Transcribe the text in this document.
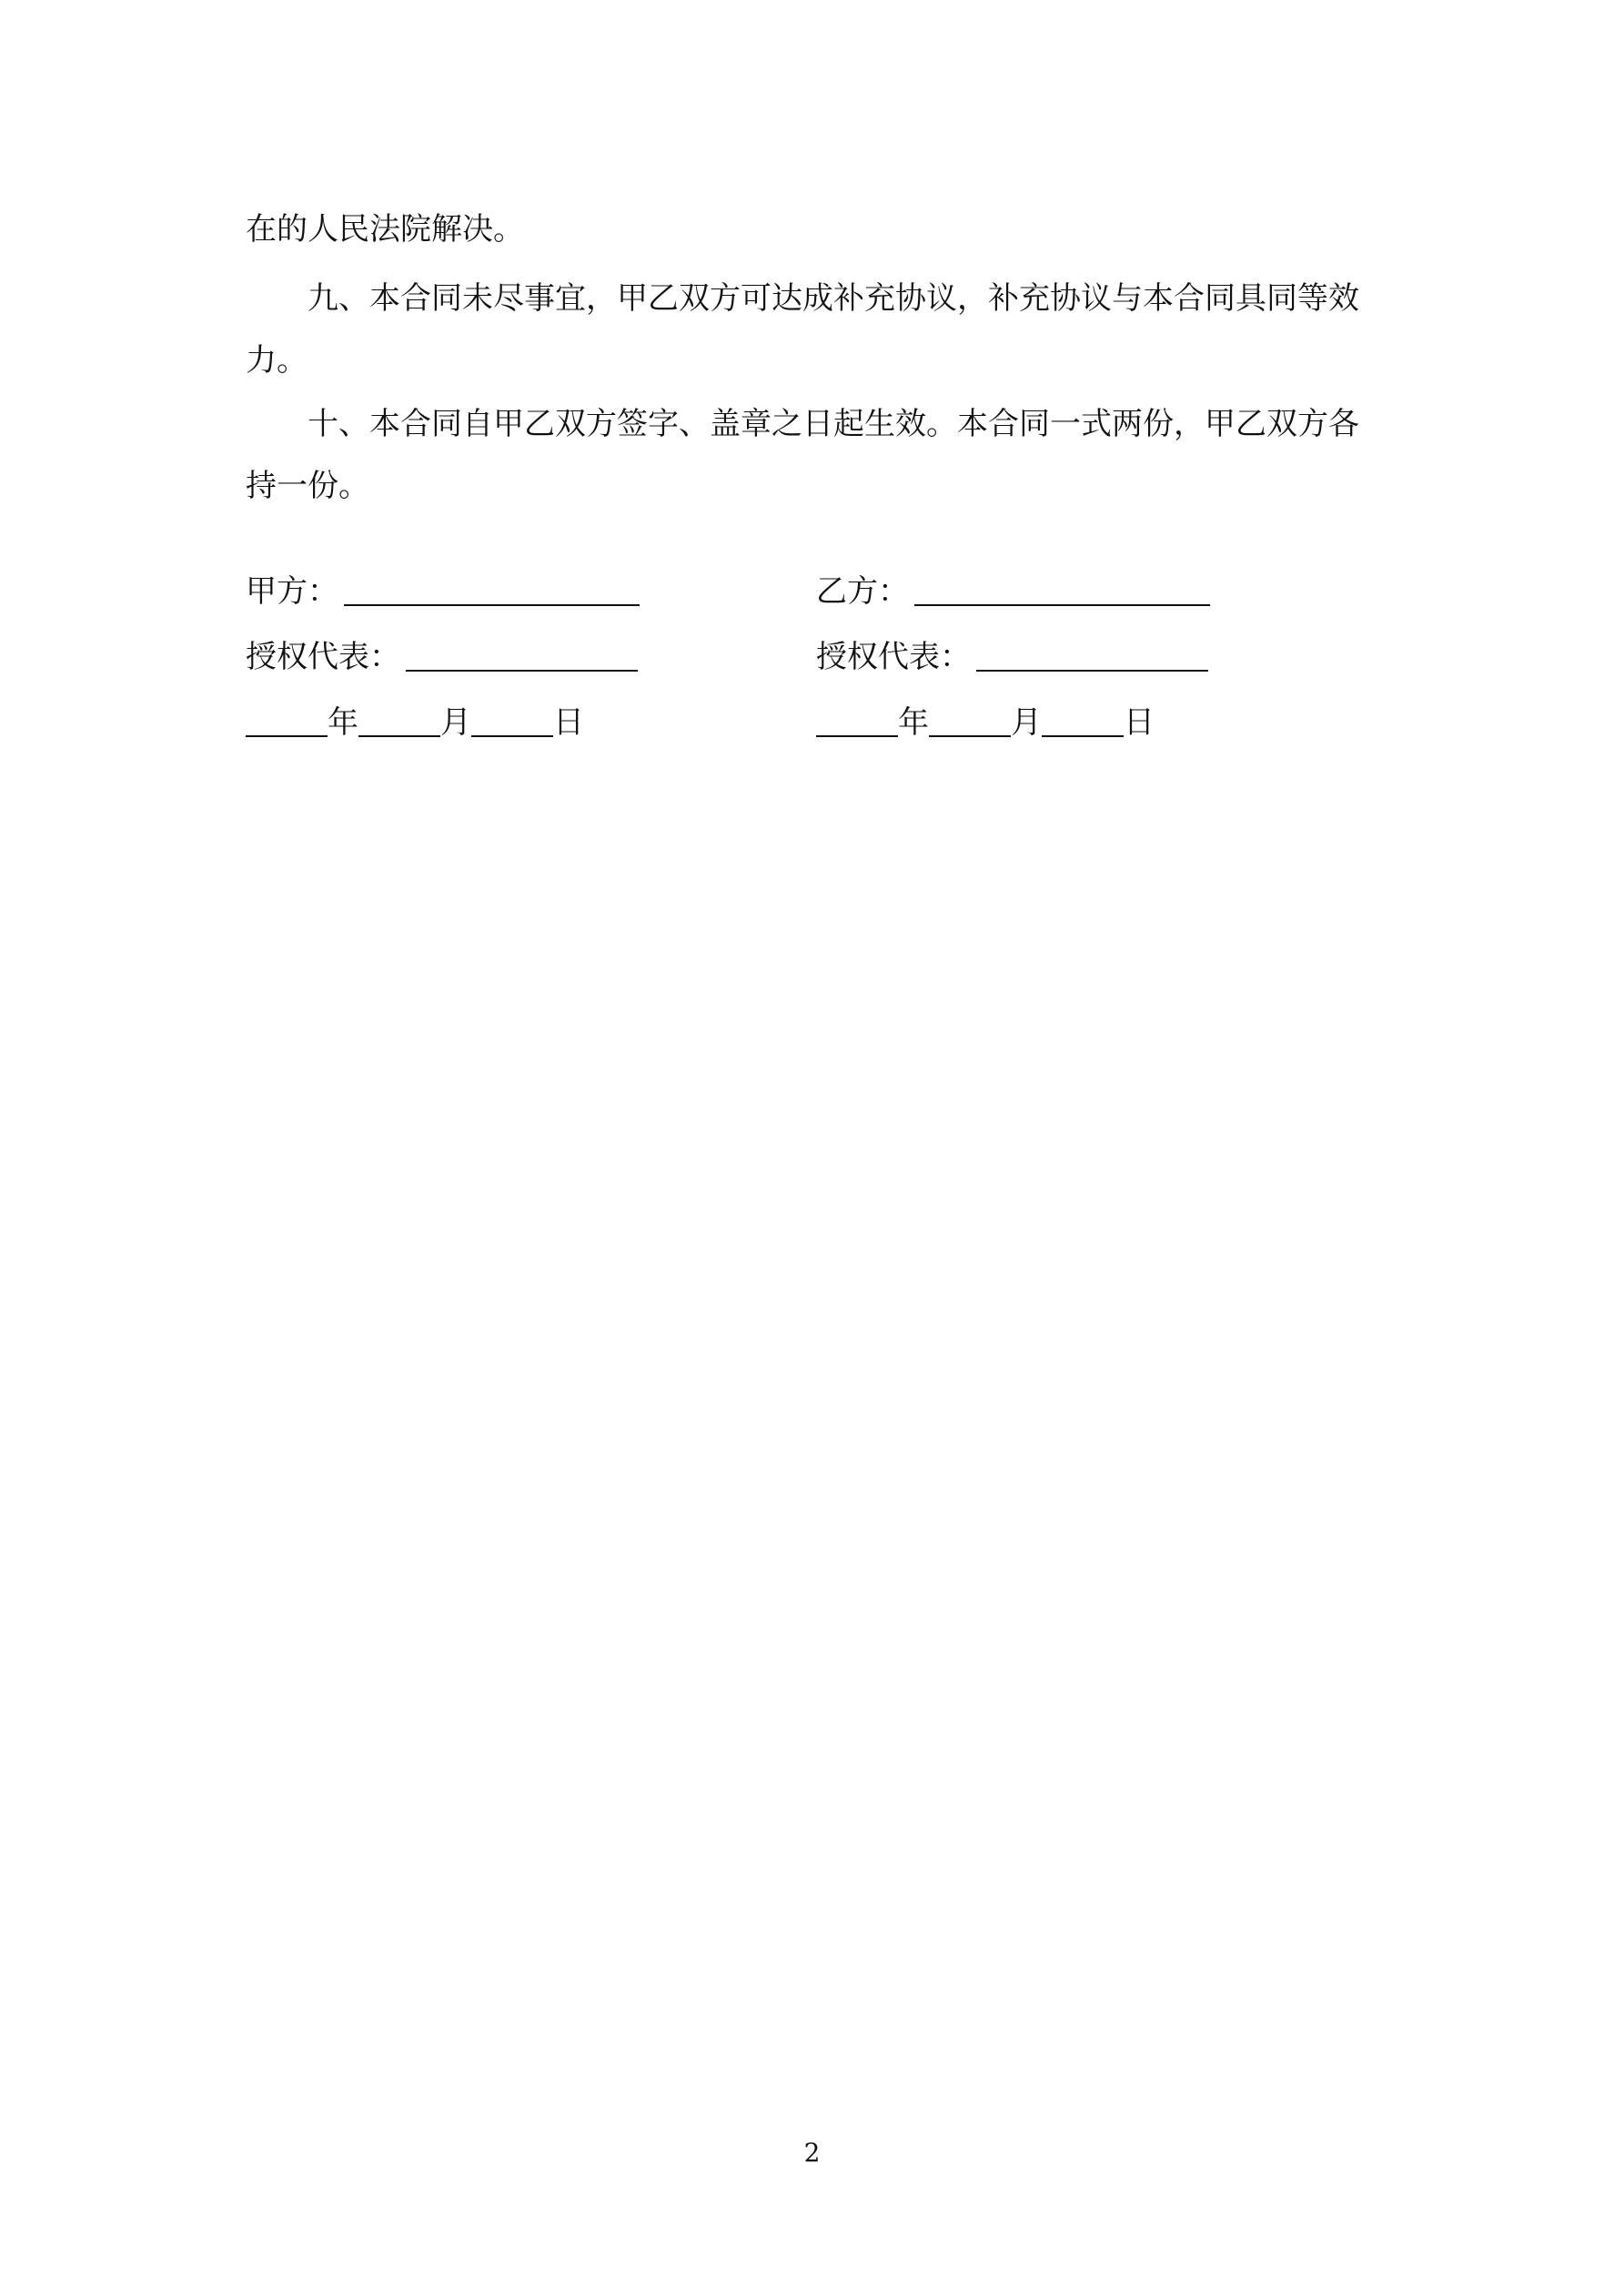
在的人民法院解决。

九、本合同未尽事宜，甲乙双方可达成补充协议，补充协议与本合同具同等效力。

十、本合同自甲乙双方签字、盖章之日起生效。本合同一式两份，甲乙双方各持一份。

甲方：
授权代表：
年	月	日
乙方：
授权代表：
年	月	日
2
